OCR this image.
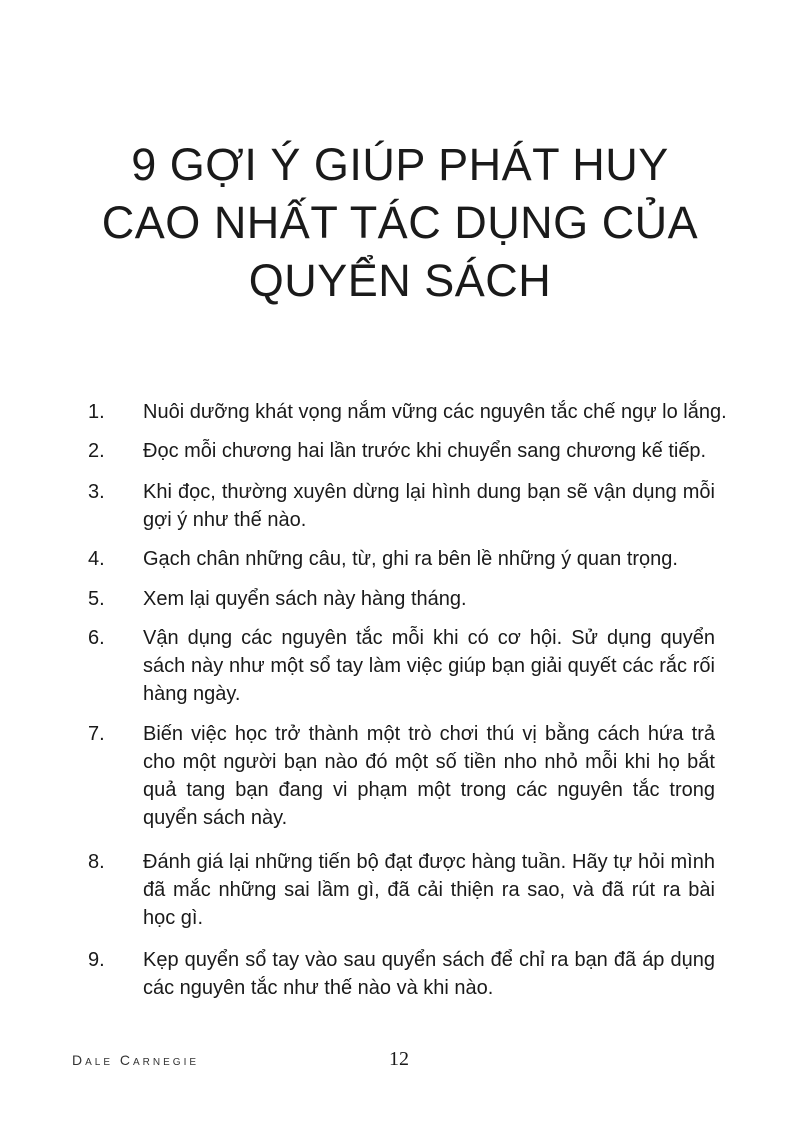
9 GỢI Ý GIÚP PHÁT HUY
CAO NHẤT TÁC DỤNG CỦA
QUYỂN SÁCH
1. Nuôi dưỡng khát vọng nắm vững các nguyên tắc chế ngự lo lắng.
2. Đọc mỗi chương hai lần trước khi chuyển sang chương kế tiếp.
3. Khi đọc, thường xuyên dừng lại hình dung bạn sẽ vận dụng mỗi gợi ý như thế nào.
4. Gạch chân những câu, từ, ghi ra bên lề những ý quan trọng.
5. Xem lại quyển sách này hàng tháng.
6. Vận dụng các nguyên tắc mỗi khi có cơ hội. Sử dụng quyển sách này như một sổ tay làm việc giúp bạn giải quyết các rắc rối hàng ngày.
7. Biến việc học trở thành một trò chơi thú vị bằng cách hứa trả cho một người bạn nào đó một số tiền nho nhỏ mỗi khi họ bắt quả tang bạn đang vi phạm một trong các nguyên tắc trong quyển sách này.
8. Đánh giá lại những tiến bộ đạt được hàng tuần. Hãy tự hỏi mình đã mắc những sai lầm gì, đã cải thiện ra sao, và đã rút ra bài học gì.
9. Kẹp quyển sổ tay vào sau quyển sách để chỉ ra bạn đã áp dụng các nguyên tắc như thế nào và khi nào.
Dale Carnegie	12
